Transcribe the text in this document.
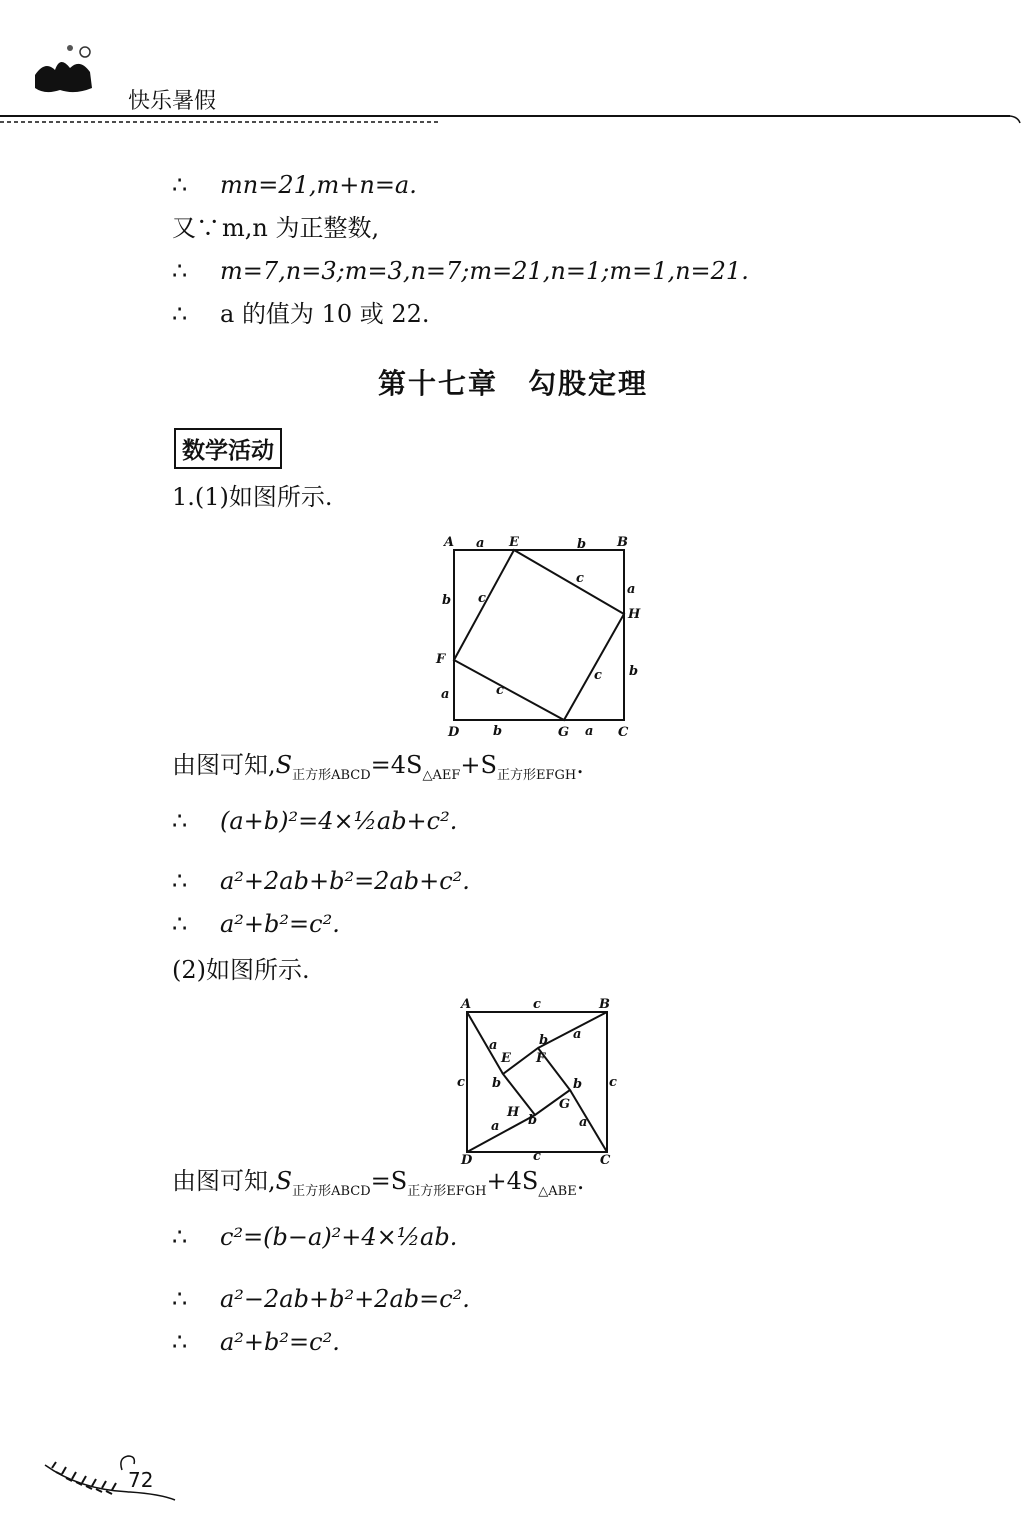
快乐暑假
∴ mn=21,m+n=a.
又∵m,n 为正整数,
∴ m=7,n=3;m=3,n=7;m=21,n=1;m=1,n=21.
∴ a 的值为 10 或 22.
第十七章　勾股定理
数学活动
1.(1)如图所示.
A a E	b B
a
H
b c
c
b
F
c
a	c
D	b	G a C
由图可知$,S_{正方形ABCD}=4S_{\triangle AEF}+S_{正方形EFGH}$.
∴ (a+b)²=4×½ab+c².
∴ a²+2ab+b²=2ab+c².
∴ a²+b²=c².
(2)如图所示.
A	c	B
a
b
E F
a
b
c	c
b
G
H
a
a b
D	c	C
由图可知$,S_{正方形ABCD}=S_{正方形EFGH}+4S_{\triangle ABE}$.
∴ c²=(b−a)²+4×½ab.
∴ a²−2ab+b²+2ab=c².
∴ a²+b²=c².
72
